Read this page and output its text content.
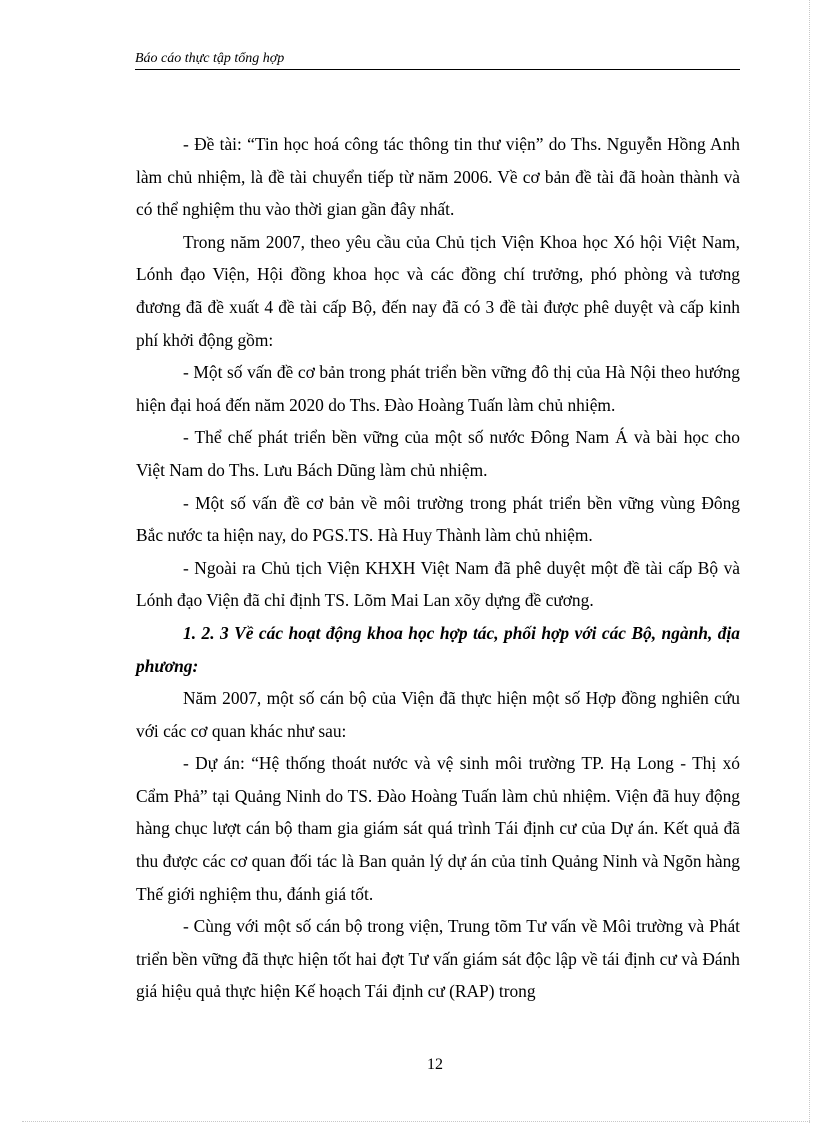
Báo cáo thực tập tổng hợp

- Đề tài: “Tin học hoá công tác thông tin thư viện” do Ths. Nguyễn Hồng Anh làm chủ nhiệm, là đề tài chuyển tiếp từ năm 2006. Về cơ bản đề tài đã hoàn thành và có thể nghiệm thu vào thời gian gần đây nhất.

Trong năm 2007, theo yêu cầu của Chủ tịch Viện Khoa học Xó hội Việt Nam, Lónh đạo Viện, Hội đồng khoa học và các đồng chí trưởng, phó phòng và tương đương đã đề xuất 4 đề tài cấp Bộ, đến nay đã có 3 đề tài được phê duyệt và cấp kinh phí khởi động gồm:

- Một số vấn đề cơ bản trong phát triển bền vững đô thị của Hà Nội theo hướng hiện đại hoá đến năm 2020 do Ths. Đào Hoàng Tuấn làm chủ nhiệm.

- Thể chế phát triển bền vững của một số nước Đông Nam Á và bài học cho Việt Nam do Ths. Lưu Bách Dũng làm chủ nhiệm.

- Một số vấn đề cơ bản về môi trường trong phát triển bền vững vùng Đông Bắc nước ta hiện nay, do PGS.TS. Hà Huy Thành làm chủ nhiệm.

- Ngoài ra Chủ tịch Viện KHXH Việt Nam đã phê duyệt một đề tài cấp Bộ và Lónh đạo Viện đã chỉ định TS. Lõm Mai Lan xõy dựng đề cương.

1. 2. 3 Về các hoạt động khoa học hợp tác, phối hợp với các Bộ, ngành, địa phương:

Năm 2007, một số cán bộ của Viện đã thực hiện một số Hợp đồng nghiên cứu với các cơ quan khác như sau:

- Dự án: “Hệ thống thoát nước và vệ sinh môi trường TP. Hạ Long - Thị xó Cẩm Phả” tại Quảng Ninh do TS. Đào Hoàng Tuấn làm chủ nhiệm. Viện đã huy động hàng chục lượt cán bộ tham gia giám sát quá trình Tái định cư của Dự án. Kết quả đã thu được các cơ quan đối tác là Ban quản lý dự án của tỉnh Quảng Ninh và Ngõn hàng Thế giới nghiệm thu, đánh giá tốt.

- Cùng với một số cán bộ trong viện, Trung tõm Tư vấn về Môi trường và Phát triển bền vững đã thực hiện tốt hai đợt Tư vấn giám sát độc lập về tái định cư và Đánh giá hiệu quả thực hiện Kế hoạch Tái định cư (RAP) trong

12
